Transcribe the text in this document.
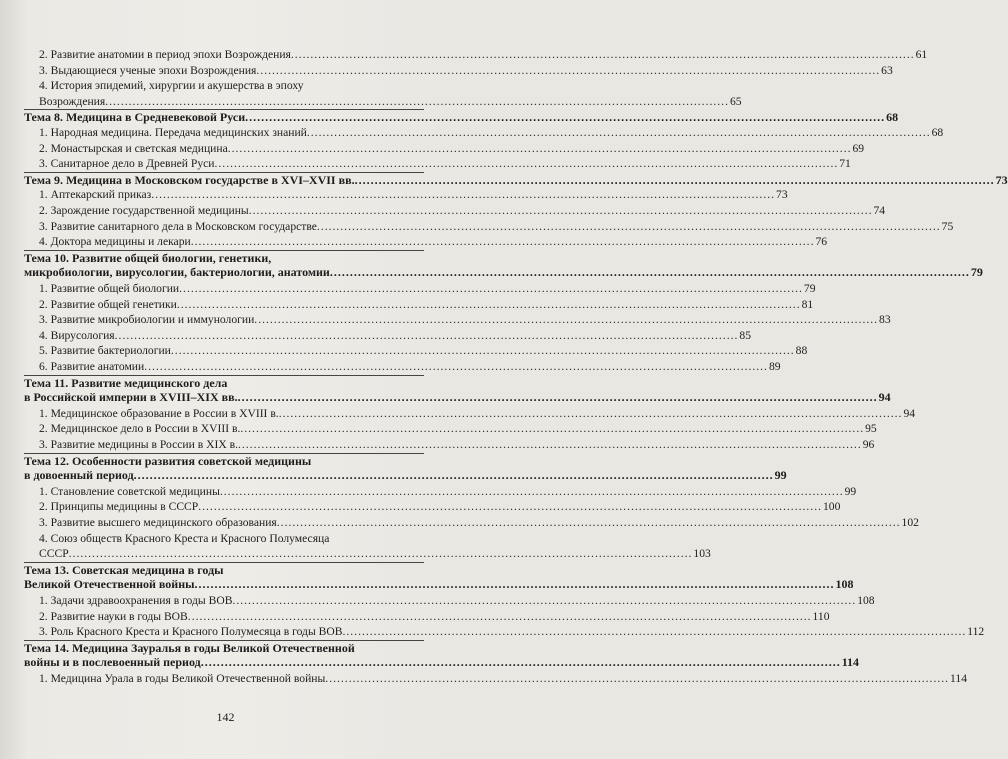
2. Развитие анатомии в период эпохи Возрождения .....	61
3. Выдающиеся ученые эпохи Возрождения .....	63
4. История эпидемий, хирургии и акушерства в эпоху
Возрождения .....	65
Тема 8. Медицина в Средневековой Руси .....	68
1. Народная медицина. Передача медицинских знаний .....	68
2. Монастырская и светская медицина .....	69
3. Санитарное дело в Древней Руси .....	71
Тема 9. Медицина в Московском государстве в XVI–XVII вв. .....	73
1. Аптекарский приказ .....	73
2. Зарождение государственной медицины .....	74
3. Развитие санитарного дела в Московском государстве .....	75
4. Доктора медицины и лекари .....	76
Тема 10. Развитие общей биологии, генетики,
микробиологии, вирусологии, бактериологии, анатомии .....	79
1. Развитие общей биологии .....	79
2. Развитие общей генетики .....	81
3. Развитие микробиологии и иммунологии .....	83
4. Вирусология .....	85
5. Развитие бактериологии .....	88
6. Развитие анатомии .....	89
Тема 11. Развитие медицинского дела
в Российской империи в XVIII–XIX вв. .....	94
1. Медицинское образование в России в XVIII в. .....	94
2. Медицинское дело в России в XVIII в. .....	95
3. Развитие медицины в России в XIX в. .....	96
Тема 12. Особенности развития советской медицины
в довоенный период .....	99
1. Становление советской медицины .....	99
2. Принципы медицины в СССР .....	100
3. Развитие высшего медицинского образования .....	102
4. Союз обществ Красного Креста и Красного Полумесяца
СССР .....	103
Тема 13. Советская медицина в годы
Великой Отечественной войны .....	108
1. Задачи здравоохранения в годы ВОВ .....	108
2. Развитие науки в годы ВОВ .....	110
3. Роль Красного Креста и Красного Полумесяца в годы ВОВ .....	112
Тема 14. Медицина Зауралья в годы Великой Отечественной
войны и в послевоенный период .....	114
1. Медицина Урала в годы Великой Отечественной войны .....	114
142
